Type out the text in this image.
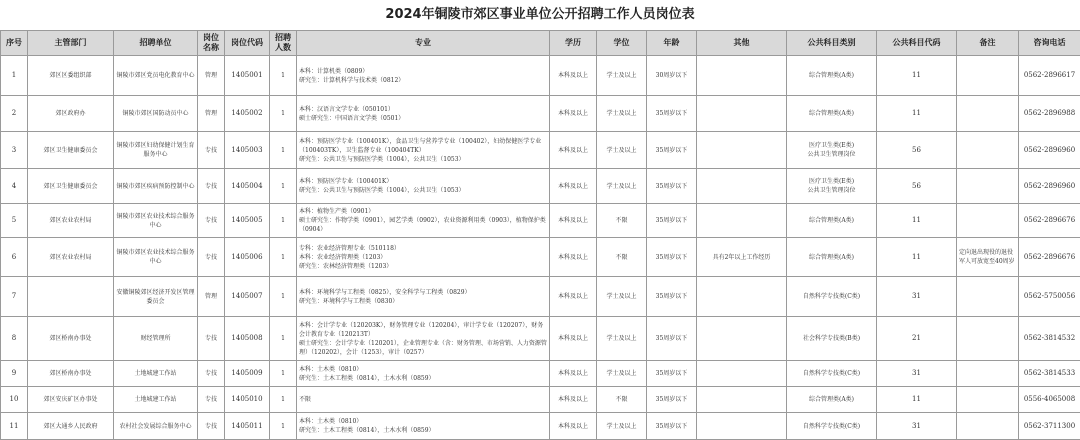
2024年铜陵市郊区事业单位公开招聘工作人员岗位表
序号	主管部门	招聘单位	岗位名称	岗位代码	招聘人数	专业	学历	学位	年龄	其他	公共科目类别	公共科目代码	备注	咨询电话
1	郊区区委组织部	铜陵市郊区党员电化教育中心	管理	1405001	1	本科：计算机类（0809）
研究生：计算机科学与技术类（0812）	本科及以上	学士及以上	30周岁以下		综合管理类(A类)	11		0562-2896617
2	郊区政府办	铜陵市郊区国防动员中心	管理	1405002	1	本科：汉语言文学专业（050101）
硕士研究生：中国语言文学类（0501）	本科及以上	学士及以上	35周岁以下		综合管理类(A类)	11		0562-2896988
3	郊区卫生健康委员会	铜陵市郊区妇幼保健计划生育服务中心	专技	1405003	1	本科：预防医学专业（100401K），食品卫生与营养学专业（100402），妇幼保健医学专业（100403TK），卫生监督专业（100404TK）
研究生：公共卫生与预防医学类（1004），公共卫生（1053）	本科及以上	学士及以上	35周岁以下		医疗卫生类(E类)
公共卫生管理岗位	56		0562-2896960
4	郊区卫生健康委员会	铜陵市郊区疾病预防控制中心	专技	1405004	1	本科：预防医学专业（100401K）
研究生：公共卫生与预防医学类（1004），公共卫生（1053）	本科及以上	学士及以上	35周岁以下		医疗卫生类(E类)
公共卫生管理岗位	56		0562-2896960
5	郊区农业农村局	铜陵市郊区农业技术综合服务中心	专技	1405005	1	本科：植物生产类（0901）
硕士研究生：作物学类（0901），园艺学类（0902），农业资源利用类（0903），植物保护类（0904）	本科及以上	不限	35周岁以下		综合管理类(A类)	11		0562-2896676
6	郊区农业农村局	铜陵市郊区农业技术综合服务中心	专技	1405006	1	专科：农业经济管理专业（510118）
本科：农业经济管理类（1203）
研究生：农林经济管理类（1203）	本科及以上	不限	35周岁以下	具有2年以上工作经历	综合管理类(A类)	11	定向退出现役的退役军人可放宽至40周岁	0562-2896676
7		安徽铜陵郊区经济开发区管理委员会	管理	1405007	1	本科：环境科学与工程类（0825），安全科学与工程类（0829）
研究生：环境科学与工程类（0830）	本科及以上	学士及以上	35周岁以下		自然科学专技类(C类)	31		0562-5750056
8	郊区桥南办事处	财经管理所	专技	1405008	1	本科：会计学专业（120203K），财务管理专业（120204），审计学专业（120207），财务会计教育专业（120213T）
硕士研究生：会计学专业（120201），企业管理专业（含：财务管理、市场营销、人力资源管理）（120202），会计（1253），审计（0257）	本科及以上	学士及以上	35周岁以下		社会科学专技类(B类)	21		0562-3814532
9	郊区桥南办事处	土地城建工作站	专技	1405009	1	本科：土木类（0810）
研究生：土木工程类（0814），土木水利（0859）	本科及以上	学士及以上	35周岁以下		自然科学专技类(C类)	31		0562-3814533
10	郊区安庆矿区办事处	土地城建工作站	专技	1405010	1	不限	本科及以上	不限	35周岁以下		综合管理类(A类)	11		0556-4065008
11	郊区大通乡人民政府	农村社会发展综合服务中心	专技	1405011	1	本科：土木类（0810）
研究生：土木工程类（0814），土木水利（0859）	本科及以上	学士及以上	35周岁以下		自然科学专技类(C类)	31		0562-3711300
